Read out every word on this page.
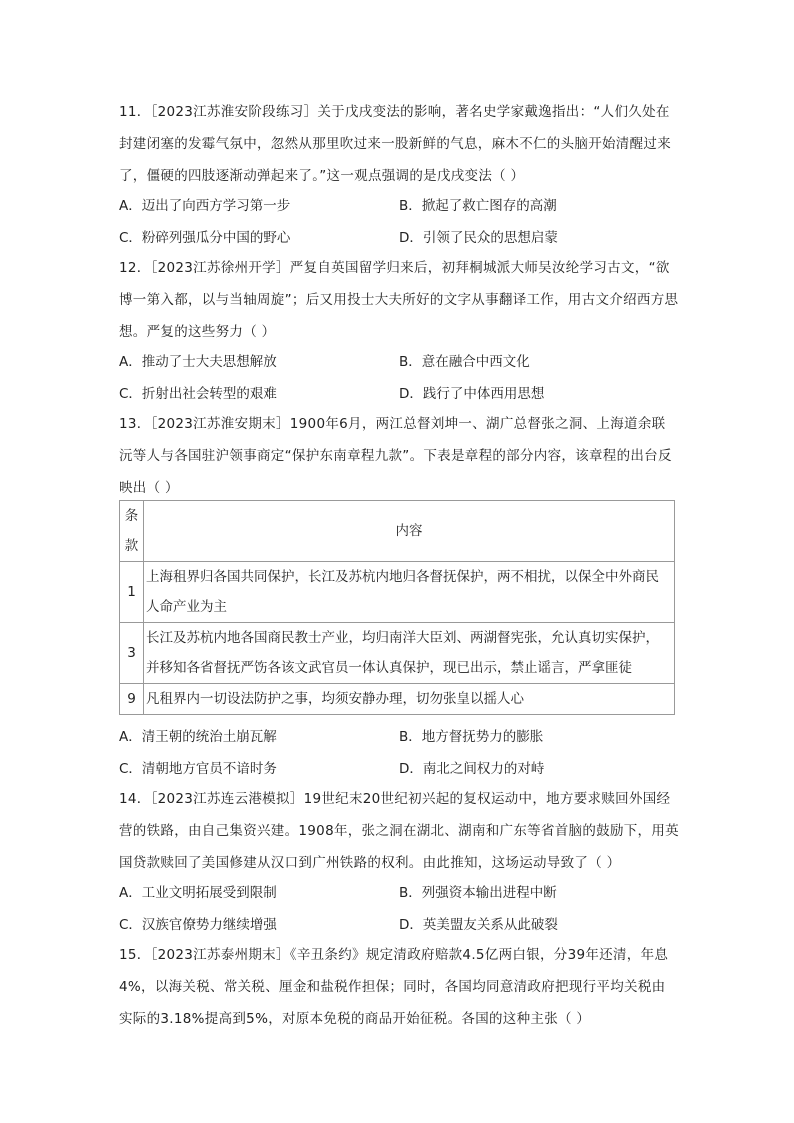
11．［2023江苏淮安阶段练习］关于戊戌变法的影响，著名史学家戴逸指出：“人们久处在封建闭塞的发霉气氛中，忽然从那里吹过来一股新鲜的气息，麻木不仁的头脑开始清醒过来了，僵硬的四肢逐渐动弹起来了。”这一观点强调的是戊戌变法（ ）
A．迈出了向西方学习第一步	B．掀起了救亡图存的高潮
C．粉碎列强瓜分中国的野心	D．引领了民众的思想启蒙
12．［2023江苏徐州开学］严复自英国留学归来后，初拜桐城派大师吴汝纶学习古文，“欲博一第入都，以与当轴周旋”；后又用投士大夫所好的文字从事翻译工作，用古文介绍西方思想。严复的这些努力（ ）
A．推动了士大夫思想解放	B．意在融合中西文化
C．折射出社会转型的艰难	D．践行了中体西用思想
13．［2023江苏淮安期末］1900年6月，两江总督刘坤一、湖广总督张之洞、上海道余联沅等人与各国驻沪领事商定“保护东南章程九款”。下表是章程的部分内容，该章程的出台反映出（ ）
条款	内容
1	上海租界归各国共同保护，长江及苏杭内地归各督抚保护，两不相扰，以保全中外商民人命产业为主
3	长江及苏杭内地各国商民教士产业，均归南洋大臣刘、两湖督宪张，允认真切实保护，并移知各省督抚严饬各该文武官员一体认真保护，现已出示，禁止谣言，严拿匪徒
9	凡租界内一切设法防护之事，均须安静办理，切勿张皇以摇人心
A．清王朝的统治土崩瓦解	B．地方督抚势力的膨胀
C．清朝地方官员不谙时务	D．南北之间权力的对峙
14．［2023江苏连云港模拟］19世纪末20世纪初兴起的复权运动中，地方要求赎回外国经营的铁路，由自己集资兴建。1908年，张之洞在湖北、湖南和广东等省首脑的鼓励下，用英国贷款赎回了美国修建从汉口到广州铁路的权利。由此推知，这场运动导致了（ ）
A．工业文明拓展受到限制	B．列强资本输出进程中断
C．汉族官僚势力继续增强	D．英美盟友关系从此破裂
15．［2023江苏泰州期末］《辛丑条约》规定清政府赔款4.5亿两白银，分39年还清，年息4%，以海关税、常关税、厘金和盐税作担保；同时，各国均同意清政府把现行平均关税由实际的3.18%提高到5%，对原本免税的商品开始征税。各国的这种主张（ ）
